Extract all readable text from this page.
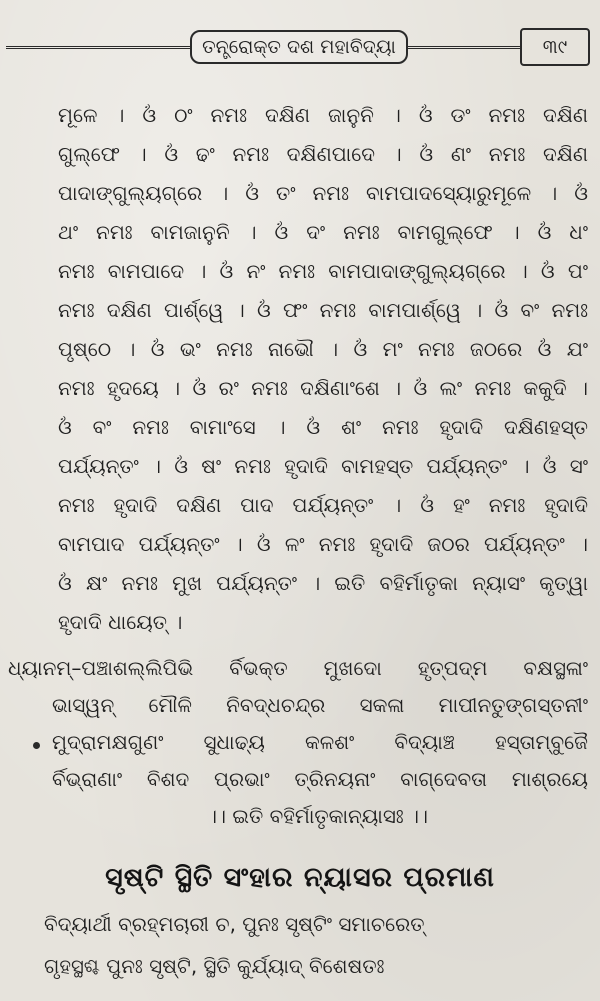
ତନ୍ତ୍ରୋକ୍ତ ଦଶ ମହାବିଦ୍ୟା	୩୯
ମୂଳେ । ଓଁ ଠଂ ନମଃ ଦକ୍ଷିଣ ଜାନୁନି । ଓଁ ଡଂ ନମଃ ଦକ୍ଷିଣ
ଗୁଲ୍‌ଫେ । ଓଁ ଢଂ ନମଃ ଦକ୍ଷିଣପାଦେ । ଓଁ ଣଂ ନମଃ ଦକ୍ଷିଣ
ପାଦାଙ୍ଗୁଲ୍ୟଗ୍ରେ । ଓଁ ତଂ ନମଃ ବାମପାଦସ୍ୟୋରୁମୂଳେ । ଓଁ
ଥଂ ନମଃ ବାମଜାନୁନି । ଓଁ ଦଂ ନମଃ ବାମଗୁଲ୍‌ଫେ । ଓଁ ଧଂ
ନମଃ ବାମପାଦେ । ଓଁ ନଂ ନମଃ ବାମପାଦାଙ୍ଗୁଲ୍ୟଗ୍ରେ । ଓଁ ପଂ
ନମଃ ଦକ୍ଷିଣ ପାର୍ଶ୍ୱେ । ଓଁ ଫଂ ନମଃ ବାମପାର୍ଶ୍ୱେ । ଓଁ ବଂ ନମଃ
ପୃଷ୍ଠେ । ଓଁ ଭଂ ନମଃ ନାଭୌ । ଓଁ ମଂ ନମଃ ଜଠରେ ଓଁ ଯଂ
ନମଃ ହୃଦୟେ । ଓଁ ରଂ ନମଃ ଦକ୍ଷିଣାଂଶେ । ଓଁ ଲଂ ନମଃ କକୁଦି ।
ଓଁ ବଂ ନମଃ ବାମାଂସେ । ଓଁ ଶଂ ନମଃ ହୃଦାଦି ଦକ୍ଷିଣହସ୍ତ
ପର୍ଯ୍ୟନ୍ତଂ । ଓଁ ଷଂ ନମଃ ହୃଦାଦି ବାମହସ୍ତ ପର୍ଯ୍ୟନ୍ତଂ । ଓଁ ସଂ
ନମଃ ହୃଦାଦି ଦକ୍ଷିଣ ପାଦ ପର୍ଯ୍ୟନ୍ତଂ । ଓଁ ହଂ ନମଃ ହୃଦାଦି
ବାମପାଦ ପର୍ଯ୍ୟନ୍ତଂ । ଓଁ ଳଂ ନମଃ ହୃଦାଦି ଜଠର ପର୍ଯ୍ୟନ୍ତଂ ।
ଓଁ କ୍ଷଂ ନମଃ ମୁଖ ପର୍ଯ୍ୟନ୍ତଂ । ଇତି ବହିର୍ମାତୃକା ନ୍ୟାସଂ କୃତ୍ୱା
ହୃଦାଦି ଧାୟେତ୍ ।
ଧ୍ୟାନମ୍–ପଞ୍ଚାଶଲ୍ଲିପିଭି ର୍ବିଭକ୍ତ ମୁଖଦୋ ହୃତ୍‌ପଦ୍ମ ବକ୍ଷସ୍ଥଳାଂ
ଭାସ୍ୱନ୍ ମୌଳି ନିବଦ୍ଧଚନ୍ଦ୍ର ସକଳା ମାପୀନତୁଙ୍ଗସ୍ତନୀଂ
ମୁଦ୍ରାମକ୍ଷଗୁଣଂ ସୁଧାଢ୍ୟ କଳଶଂ ବିଦ୍ୟାଞ୍ଚ ହସ୍ତାମ୍ବୁଜୈ
ର୍ବିଭ୍ରାଣାଂ ବିଶଦ ପ୍ରଭାଂ ତ୍ରିନୟନାଂ ବାଗ୍‌ଦେବତା ମାଶ୍ରୟେ
।। ଇତି ବହିର୍ମାତୃକାନ୍ୟାସଃ ।।
ସୃଷ୍ଟି ସ୍ଥିତି ସଂହାର ନ୍ୟାସର ପ୍ରମାଣ
ବିଦ୍ୟାର୍ଥୀ ବ୍ରହ୍ମଚାରୀ ଚ, ପୁନଃ ସୃଷ୍ଟିଂ ସମାଚରେତ୍
ଗୃହସ୍ଥଶ୍ଚ ପୁନଃ ସୃଷ୍ଟି, ସ୍ଥିତି କୁର୍ଯ୍ୟାଦ୍ ବିଶେଷତଃ
